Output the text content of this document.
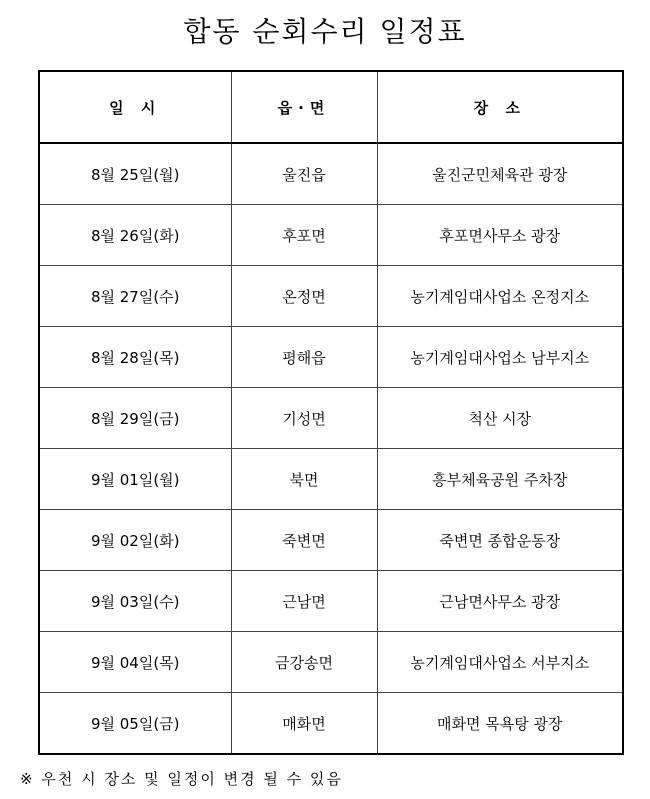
합동 순회수리 일정표
일 시	읍·면	장 소
8월 25일(월)	울진읍	울진군민체육관 광장
8월 26일(화)	후포면	후포면사무소 광장
8월 27일(수)	온정면	농기계임대사업소 온정지소
8월 28일(목)	평해읍	농기계임대사업소 남부지소
8월 29일(금)	기성면	척산 시장
9월 01일(월)	북면	흥부체육공원 주차장
9월 02일(화)	죽변면	죽변면 종합운동장
9월 03일(수)	근남면	근남면사무소 광장
9월 04일(목)	금강송면	농기계임대사업소 서부지소
9월 05일(금)	매화면	매화면 목욕탕 광장
※ 우천 시 장소 및 일정이 변경 될 수 있음
